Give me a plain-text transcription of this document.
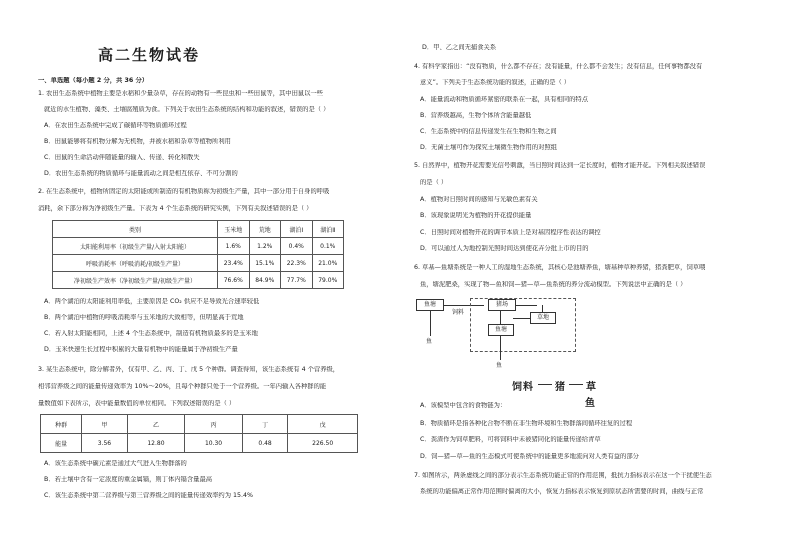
高二生物试卷
一、单选题（每小题 2 分，共 36 分）
1. 农田生态系统中植物主要是水稻和少量杂草，存在的动物有一些昆虫和一些田鼠等，其中田鼠以一些
就近的水生植物、藻类、土壤腐殖质为食。下列关于农田生态系统的结构和功能的叙述，错误的是（ ）
A．在农田生态系统中完成了碳循环等物质循环过程
B．田鼠能够将有机物分解为无机物，并被水稻和杂草等植物所利用
C．田鼠的生命活动伴随能量的输入、传递、转化和散失
D．农田生态系统的物质循环与能量流动之间是相互依存、不可分割的
2. 在生态系统中，植物所固定的太阳能或所制造的有机物质称为初级生产量，其中一部分用于自身的呼吸
消耗，余下部分称为净初级生产量。下表为 4 个生态系统的研究实例，下列有关叙述错误的是（ ）
类别	玉米地	荒地	湖泊Ⅰ	湖泊Ⅱ
太阳能利用率（初级生产量/入射太阳能）	1.6%	1.2%	0.4%	0.1%
呼吸消耗率（呼吸消耗/初级生产量）	23.4%	15.1%	22.3%	21.0%
净初级生产效率（净初级生产量/初级生产量）	76.6%	84.9%	77.7%	79.0%
A．两个湖泊的太阳能利用率低，主要原因是 CO₂ 供应不足导致光合速率较低
B．两个湖泊中植物的呼吸消耗率与玉米地的大致相等，但明显高于荒地
C．若入射太阳能相同，上述 4 个生态系统中，制造有机物质最多的是玉米地
D．玉米快速生长过程中积累的大量有机物中的能量属于净初级生产量
3. 某生态系统中，除分解者外，仅有甲、乙、丙、丁、戊 5 个种群。调查得知，该生态系统有 4 个营养级，
相邻营养级之间的能量传递效率为 10%～20%，且每个种群只处于一个营养级。一年内输入各种群的能
量数值如下表所示，表中能量数值的单位相同。下列叙述错误的是（ ）
种群	甲	乙	丙	丁	戊
能量	3.56	12.80	10.30	0.48	226.50
A．该生态系统中碳元素是通过大气进入生物群落的
B．若土壤中含有一定浓度的重金属镉，则丁体内镉含量最高
C．该生态系统中第二营养级与第三营养级之间的能量传递效率约为 15.4%
D．甲、乙之间无捕食关系
4. 有科学家指出：“没有物质，什么都不存在；没有能量，什么都不会发生；没有信息，任何事物都没有
意义”。下列关于生态系统功能的叙述，正确的是（ ）
A．能量流动和物质循环紧密的联系在一起，具有相同的特点
B．营养级越高，生物个体所含能量越低
C．生态系统中的信息传递发生在生物和生物之间
D．无菌土壤可作为探究土壤微生物作用的对照组
5. 自然界中，植物开花需要光信号刺激，当日照时间达到一定长度时，植物才能开花。下列相关叙述错误
的是（ ）
A．植物对日照时间的感知与光敏色素有关
B．该现象说明光为植物的开花提供能量
C．日照时间对植物开花的调节本质上是对基因程序性表达的调控
D．可以通过人为地控制光照时间达到使花卉分批上市的目的
6. 草基—鱼塘系统是一种人工的湿地生态系统，其核心是池塘养鱼，塘基种草种养猪，猪粪肥草，饲草喂
鱼，塘泥肥桑，实现了物—鱼和饲—猪—草—鱼系统的养分流动模型。下列说法中正确的是（ ）
鱼塘
饲料
猪场
鱼塘
草地
鱼
鱼
饲料 猪 草
鱼
A．该模型中包含的食物链为：
B．物质循环是指各种化合物不断在非生物环境和生物群落间循环往复的过程
C．粪渣作为饲草肥料，可将饲料中未被猪同化的能量传递给青草
D．饲—猪—草—鱼的生态模式可使系统中的能量更多地流向对人类有益的部分
7. 如图所示，两条虚线之间的部分表示生态系统功能正常的作用范围，抵抗力指标表示在这一个干扰使生态
系统的功能偏离正常作用范围时偏离的大小，恢复力指标表示恢复到原状态所需要的时间，曲线与正常
